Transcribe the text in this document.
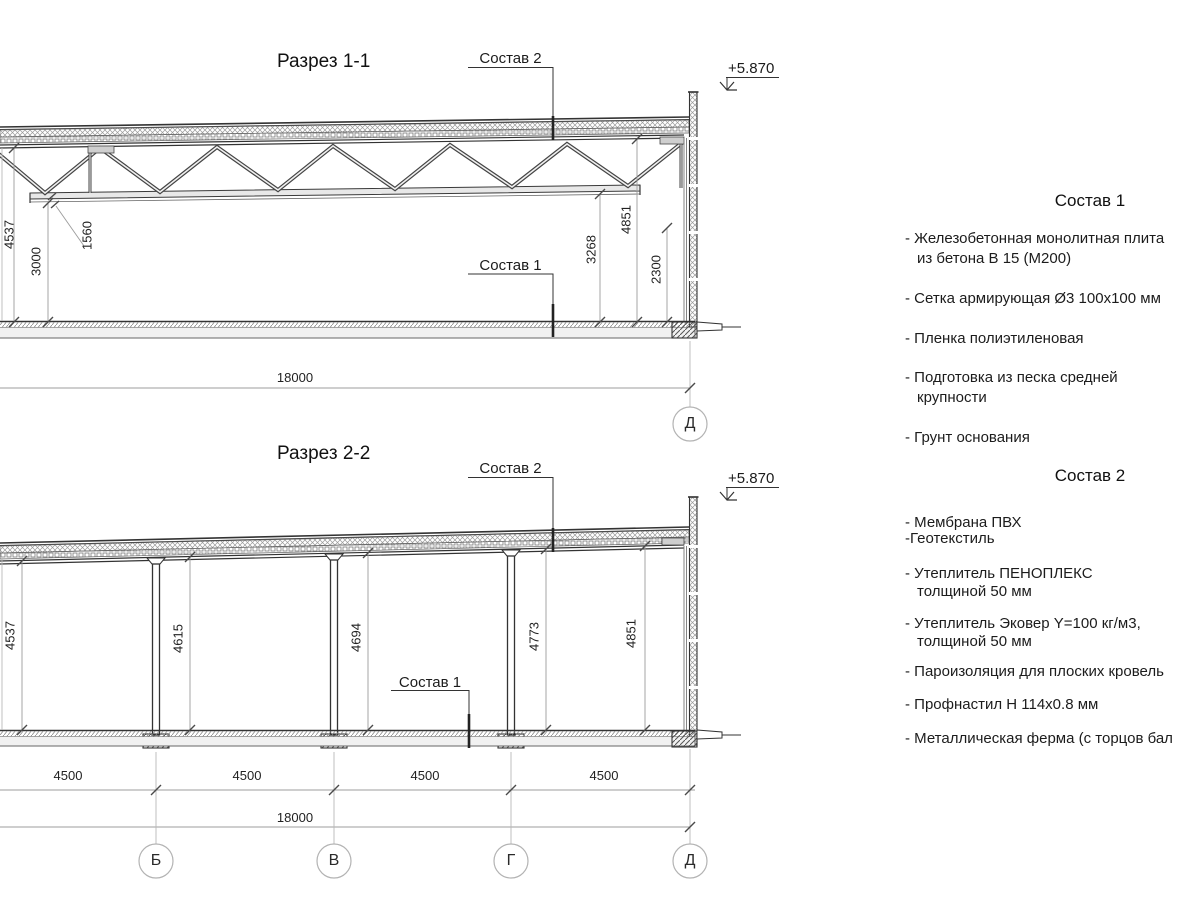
Разрез 1-1	Состав 2
+5.870
Состав 1
4537
3000
1560	3268
4851
2300
18000
Д
Разрез 2-2
Состав 2
+5.870
Состав 1
4537	4615	4694	4773	4851
4500	4500	4500	4500
18000
Б	В	Г	Д
Состав 1
- Железобетонная монолитная плита
из бетона В 15 (М200)
- Сетка армирующая Ø3 100х100 мм
- Пленка полиэтиленовая
- Подготовка из песка средней
крупности
- Грунт основания
Состав 2
- Мембрана ПВХ
-Геотекстиль
- Утеплитель ПЕНОПЛЕКС
толщиной 50 мм
- Утеплитель Эковер Y=100 кг/м3,
толщиной 50 мм
- Пароизоляция для плоских кровель
- Профнастил Н 114х0.8 мм
- Металлическая ферма (с торцов бал
